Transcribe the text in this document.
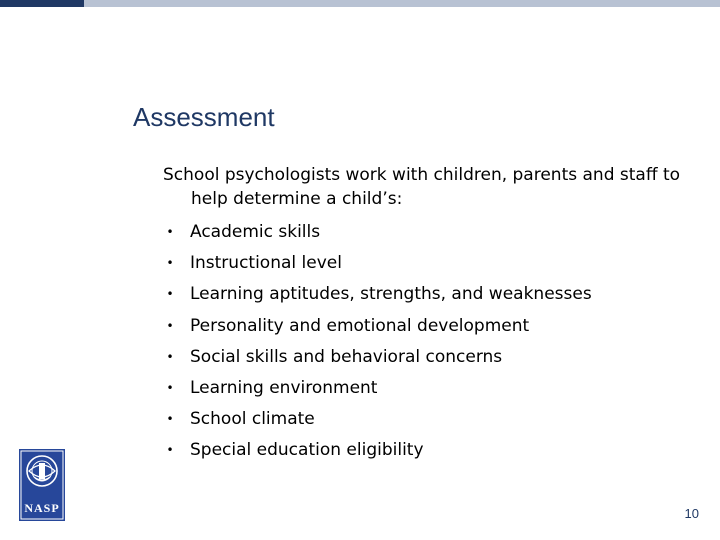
Assessment
School psychologists work with children, parents and staff to help determine a child’s:
• Academic skills
• Instructional level
• Learning aptitudes, strengths, and weaknesses
• Personality and emotional development
• Social skills and behavioral concerns
• Learning environment
• School climate
• Special education eligibility
NASP	10
